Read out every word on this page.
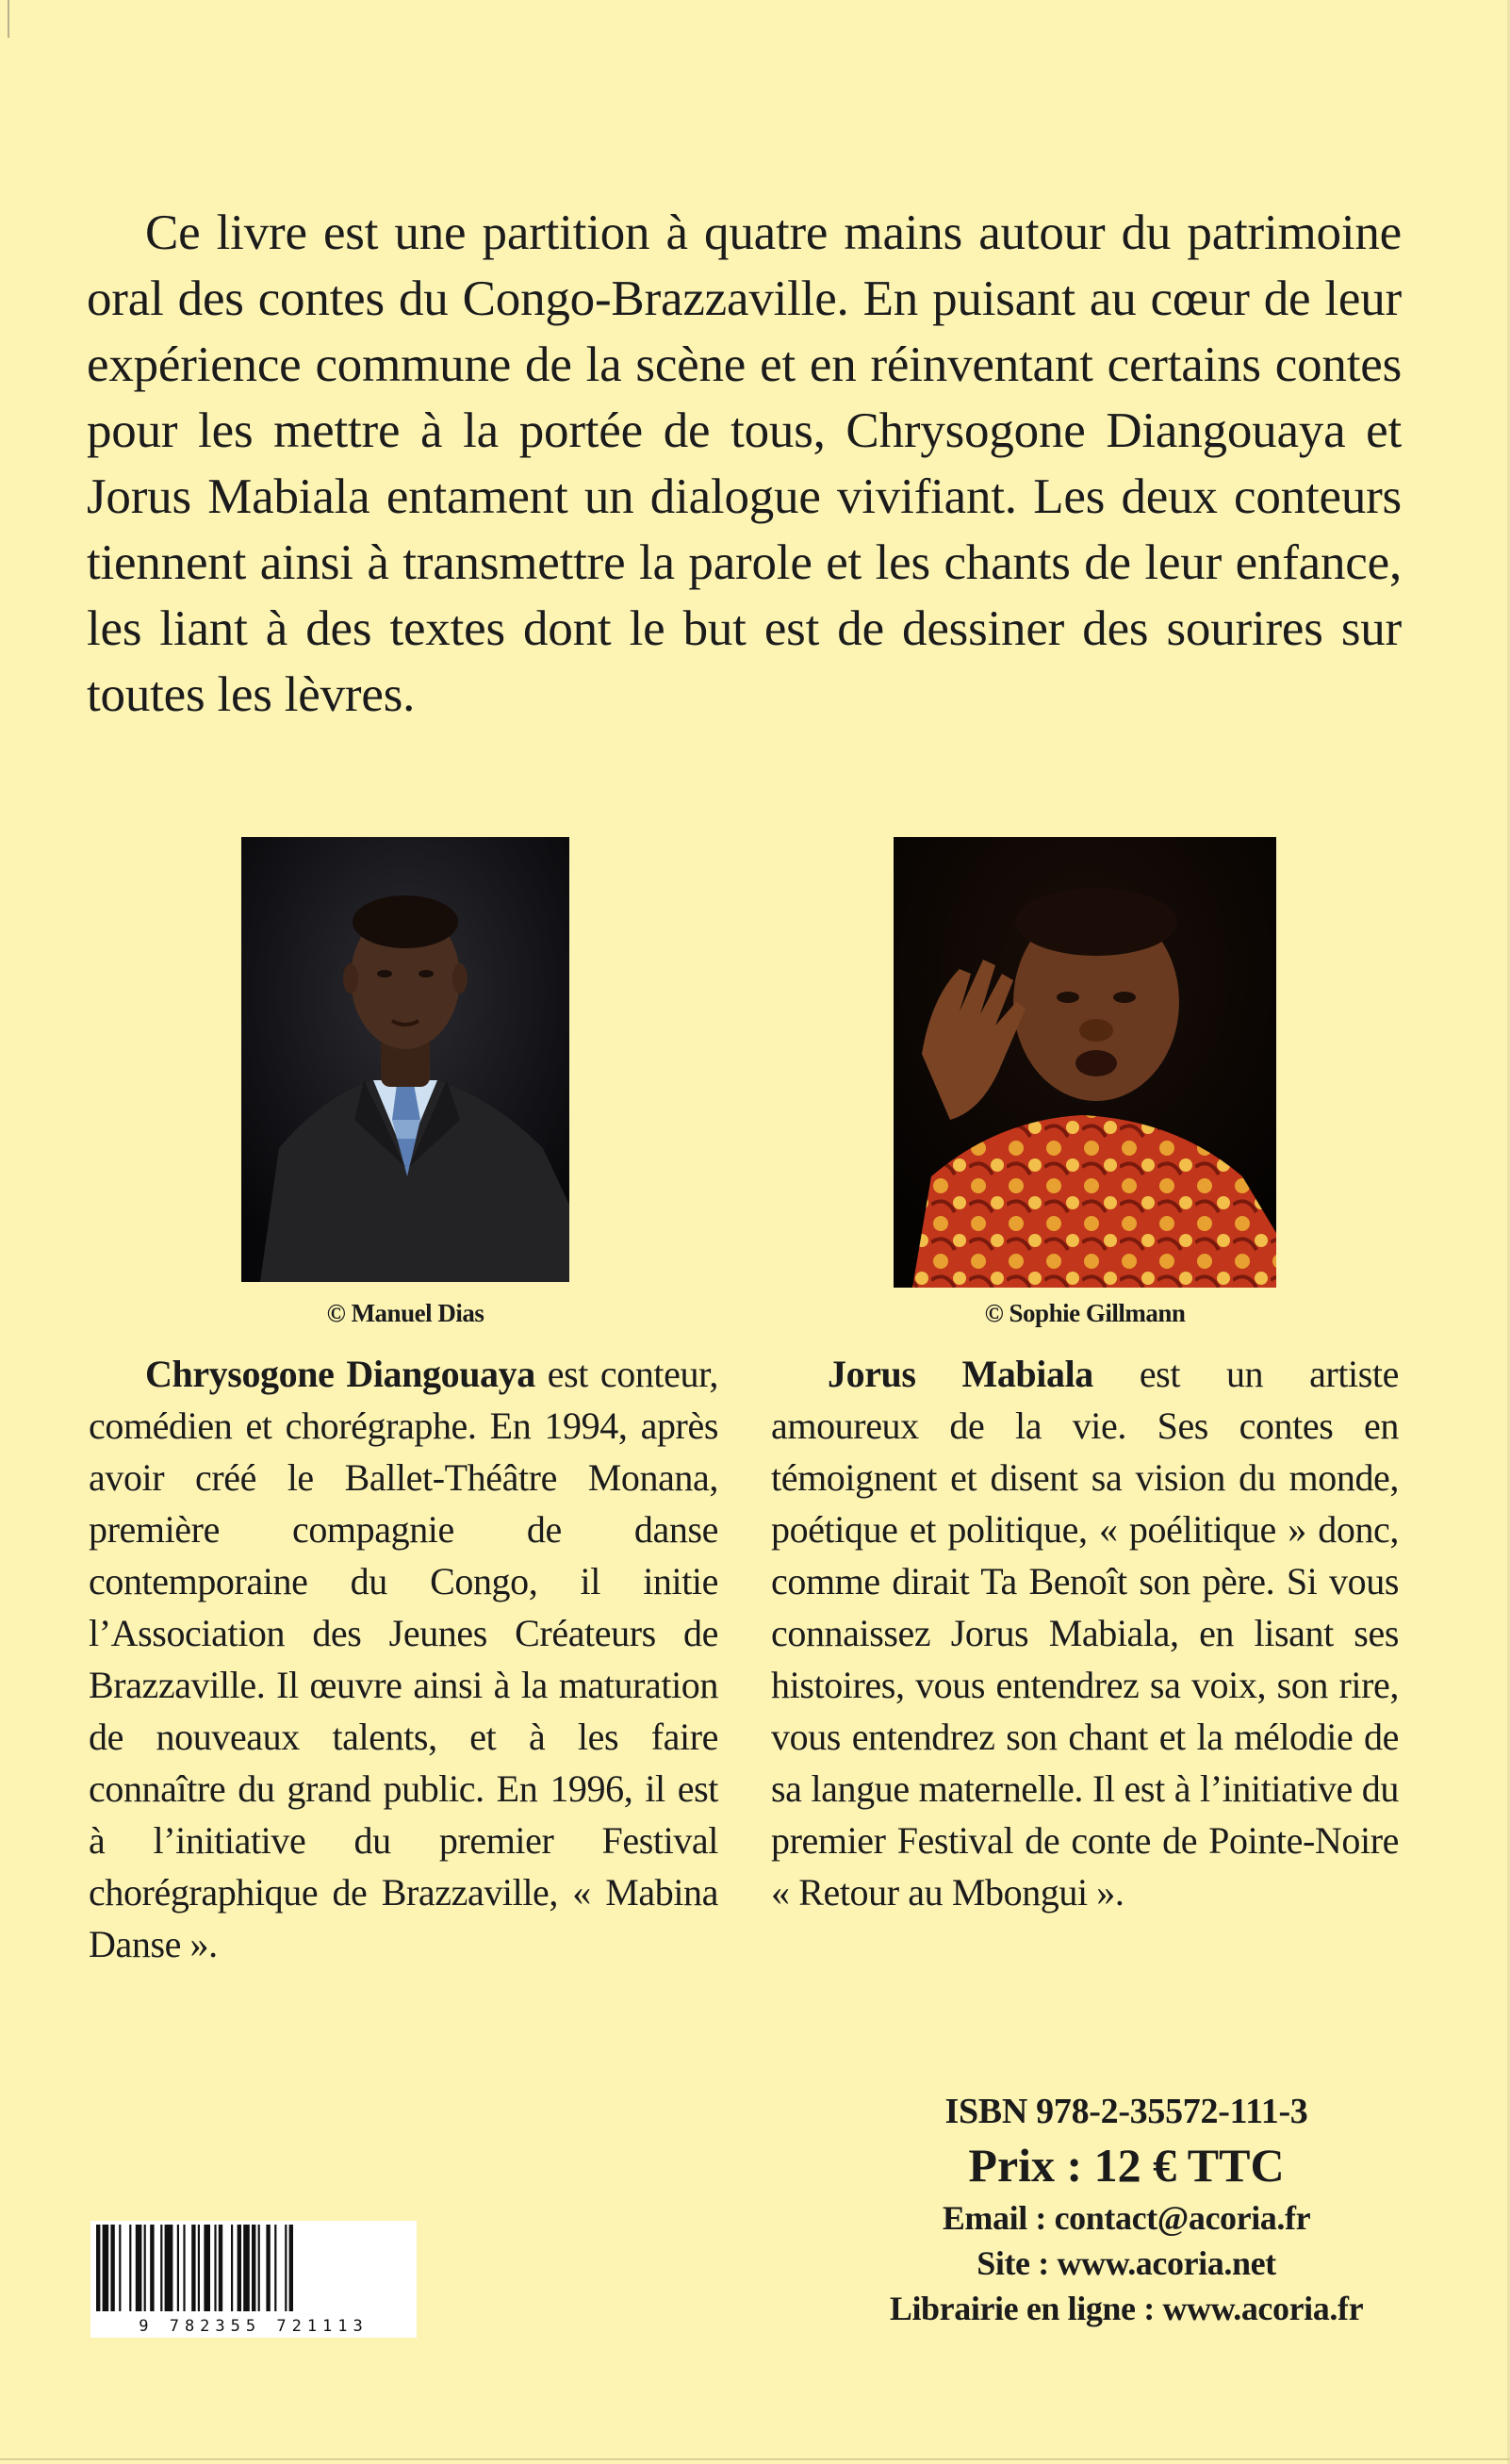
Ce livre est une partition à quatre mains autour du patrimoine oral des contes du Congo-Brazzaville. En puisant au cœur de leur expérience commune de la scène et en réinventant certains contes pour les mettre à la portée de tous, Chrysogone Diangouaya et Jorus Mabiala entament un dialogue vivifiant. Les deux conteurs tiennent ainsi à transmettre la parole et les chants de leur enfance, les liant à des textes dont le but est de dessiner des sourires sur toutes les lèvres.

© Manuel Dias	© Sophie Gillmann

Chrysogone Diangouaya est conteur, comédien et chorégraphe. En 1994, après avoir créé le Ballet-Théâtre Monana, première compagnie de danse contemporaine du Congo, il initie l’Association des Jeunes Créateurs de Brazzaville. Il œuvre ainsi à la maturation de nouveaux talents, et à les faire connaître du grand public. En 1996, il est à l’initiative du premier Festival chorégraphique de Brazzaville, « Mabina Danse ».

Jorus Mabiala est un artiste amoureux de la vie. Ses contes en témoignent et disent sa vision du monde, poétique et politique, « poélitique » donc, comme dirait Ta Benoît son père. Si vous connaissez Jorus Mabiala, en lisant ses histoires, vous entendrez sa voix, son rire, vous entendrez son chant et la mélodie de sa langue maternelle. Il est à l’initiative du premier Festival de conte de Pointe-Noire « Retour au Mbongui ».

9 782355 721113
ISBN 978-2-35572-111-3
Prix : 12 € TTC
Email : contact@acoria.fr
Site : www.acoria.net
Librairie en ligne : www.acoria.fr
